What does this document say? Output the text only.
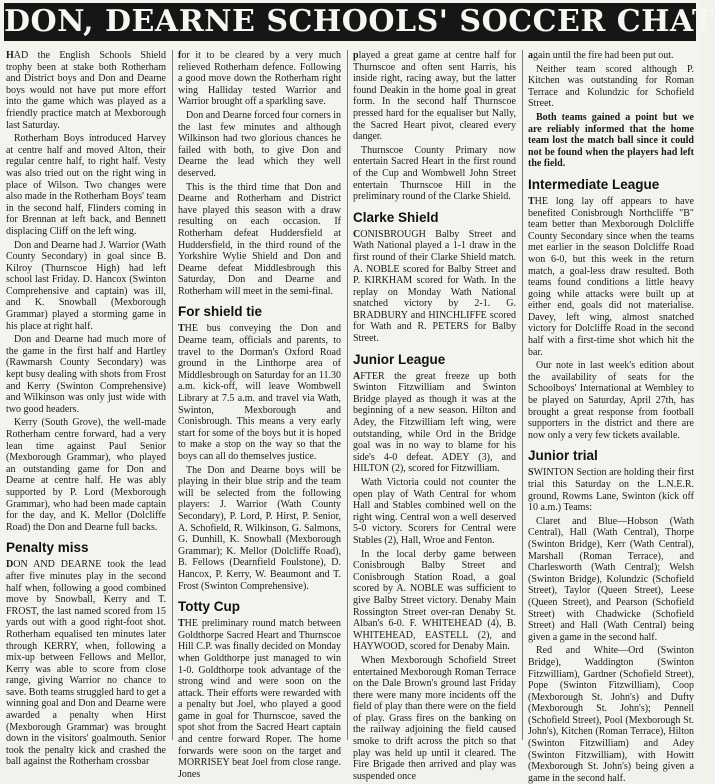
DON, DEARNE SCHOOLS' SOCCER CHAT

HAD the English Schools Shield trophy been at stake both Rotherham and District boys and Don and Dearne boys would not have put more effort into the game which was played as a friendly practice match at Mexborough last Saturday.

Rotherham Boys introduced Harvey at centre half and moved Alton, their regular centre half, to right half. Vesty was also tried out on the right wing in place of Wilson. Two changes were also made in the Rotherham Boys' team in the second half, Flinders coming in for Brennan at left back, and Bennett displacing Cliff on the left wing.

Don and Dearne had J. Warrior (Wath County Secondary) in goal since B. Kilroy (Thurnscoe High) had left school last Friday. D. Hancox (Swinton Comprehensive and captain) was ill, and K. Snowball (Mexborough Grammar) played a storming game in his place at right half.

Don and Dearne had much more of the game in the first half and Hartley (Rawmarsh County Secondary) was kept busy dealing with shots from Frost and Kerry (Swinton Comprehensive) and Wilkinson was only just wide with two good headers.

Kerry (South Grove), the well-made Rotherham centre forward, had a very lean time against Paul Senior (Mexborough Grammar), who played an outstanding game for Don and Dearne at centre half. He was ably supported by P. Lord (Mexborough Grammar), who had been made captain for the day, and K. Mellor (Dolcliffe Road) the Don and Dearne full backs.

Penalty miss

DON AND DEARNE took the lead after five minutes play in the second half when, following a good combined move by Snowball, Kerry and T. FROST, the last named scored from 15 yards out with a good right-foot shot. Rotherham equalised ten minutes later through KERRY, when, following a mix-up between Fellows and Mellor, Kerry was able to score from close range, giving Warrior no chance to save. Both teams struggled hard to get a winning goal and Don and Dearne were awarded a penalty when Hirst (Mexborough Grammar) was brought down in the visitors' goalmouth. Senior took the penalty kick and crashed the ball against the Rotherham crossbar

for it to be cleared by a very much relieved Rotherham defence. Following a good move down the Rotherham right wing Halliday tested Warrior and Warrior brought off a sparkling save.

Don and Dearne forced four corners in the last few minutes and although Wilkinson had two glorious chances he failed with both, to give Don and Dearne the lead which they well deserved.

This is the third time that Don and Dearne and Rotherham and District have played this season with a draw resulting on each occasion. If Rotherham defeat Huddersfield at Huddersfield, in the third round of the Yorkshire Wylie Shield and Don and Dearne defeat Middlesbrough this Saturday, Don and Dearne and Rotherham will meet in the semi-final.

For shield tie

THE bus conveying the Don and Dearne team, officials and parents, to travel to the Dorman's Oxford Road ground in the Linthorpe area of Middlesbrough on Saturday for an 11.30 a.m. kick-off, will leave Wombwell Library at 7.5 a.m. and travel via Wath, Swinton, Mexborough and Conisbrough. This means a very early start for some of the boys but it is hoped to make a stop on the way so that the boys can all do themselves justice.

The Don and Dearne boys will be playing in their blue strip and the team will be selected from the following players: J. Warrior (Wath County Secondary), P. Lord, P. Hirst, P. Senior, A. Schofield, R. Wilkinson, G. Salmons, G. Dunhill, K. Snowball (Mexborough Grammar); K. Mellor (Dolcliffe Road), B. Fellows (Dearnfield Foulstone), D. Hancox, P. Kerry, W. Beaumont and T. Frost (Swinton Comprehensive).

Totty Cup

THE preliminary round match between Goldthorpe Sacred Heart and Thurnscoe Hill C.P. was finally decided on Monday when Goldthorpe just managed to win 1-0. Goldthorpe took advantage of the strong wind and were soon on the attack. Their efforts were rewarded with a penalty but Joel, who played a good game in goal for Thurnscoe, saved the spot shot from the Sacred Heart captain and centre forward Roper. The home forwards were soon on the target and MORRISEY beat Joel from close range. Jones

played a great game at centre half for Thurnscoe and often sent Harris, his inside right, racing away, but the latter found Deakin in the home goal in great form. In the second half Thurnscoe pressed hard for the equaliser but Nally, the Sacred Heart pivot, cleared every danger.

Thurnscoe County Primary now entertain Sacred Heart in the first round of the Cup and Wombwell John Street entertain Thurnscoe Hill in the preliminary round of the Clarke Shield.

Clarke Shield

CONISBROUGH Balby Street and Wath National played a 1-1 draw in the first round of their Clarke Shield match. A. NOBLE scored for Balby Street and P. KIRKHAM scored for Wath. In the replay on Monday Wath National snatched victory by 2-1. G. BRADBURY and HINCHLIFFE scored for Wath and R. PETERS for Balby Street.

Junior League

AFTER the great freeze up both Swinton Fitzwilliam and Swinton Bridge played as though it was at the beginning of a new season. Hilton and Adey, the Fitzwilliam left wing, were outstanding, while Ord in the Bridge goal was in no way to blame for his side's 4-0 defeat. ADEY (3), and HILTON (2), scored for Fitzwilliam.

Wath Victoria could not counter the open play of Wath Central for whom Hall and Stables combined well on the right wing. Central won a well deserved 5-0 victory. Scorers for Central were Stables (2), Hall, Wroe and Fenton.

In the local derby game between Conisbrough Balby Street and Conisbrough Station Road, a goal scored by A. NOBLE was sufficient to give Balby Street victory. Denaby Main Rossington Street over-ran Denaby St. Alban's 6-0. F. WHITEHEAD (4), B. WHITEHEAD, EASTELL (2), and HAYWOOD, scored for Denaby Main.

When Mexborough Schofield Street entertained Mexborough Roman Terrace on the Dale Brown's ground last Friday there were many more incidents off the field of play than there were on the field of play. Grass fires on the banking on the railway adjoining the field caused smoke to drift across the pitch so that play was held up until it cleared. The Fire Brigade then arrived and play was suspended once

again until the fire had been put out.

Neither team scored although P. Kitchen was outstanding for Roman Terrace and Kolundzic for Schofield Street.

Both teams gained a point but we are reliably informed that the home team lost the match ball since it could not be found when the players had left the field.

Intermediate League

THE long lay off appears to have benefited Conisbrough Northcliffe "B" team better than Mexborough Dolcliffe County Secondary since when the teams met earlier in the season Dolcliffe Road won 6-0, but this week in the return match, a goal-less draw resulted. Both teams found conditions a little heavy going while attacks were built up at either end, goals did not materialise. Davey, left wing, almost snatched victory for Dolcliffe Road in the second half with a first-time shot which hit the bar.

Our note in last week's edition about the availability of seats for the Schoolboys' International at Wembley to be played on Saturday, April 27th, has brought a great response from football supporters in the district and there are now only a very few tickets available.

Junior trial

SWINTON Section are holding their first trial this Saturday on the L.N.E.R. ground, Rowms Lane, Swinton (kick off 10 a.m.) Teams:

Claret and Blue—Hobson (Wath Central), Hall (Wath Central), Thorpe (Swinton Bridge), Kerr (Wath Central), Marshall (Roman Terrace), and Charlesworth (Wath Central); Welsh (Swinton Bridge), Kolundzic (Schofield Street), Taylor (Queen Street), Leese (Queen Street), and Pearson (Schofield Street) with Chadwicke (Schofield Street) and Hall (Wath Central) being given a game in the second half.

Red and White—Ord (Swinton Bridge), Waddington (Swinton Fitzwilliam), Gardner (Schofield Street), Pope (Swinton Fitzwilliam), Coop (Mexborough St. John's) and Dufty (Mexborough St. John's); Pennell (Schofield Street), Pool (Mexborough St. John's), Kitchen (Roman Terrace), Hilton (Swinton Fitzwilliam) and Adey (Swinton Fitzwilliam), with Howitt (Mexborough St. John's) being given a game in the second half.
